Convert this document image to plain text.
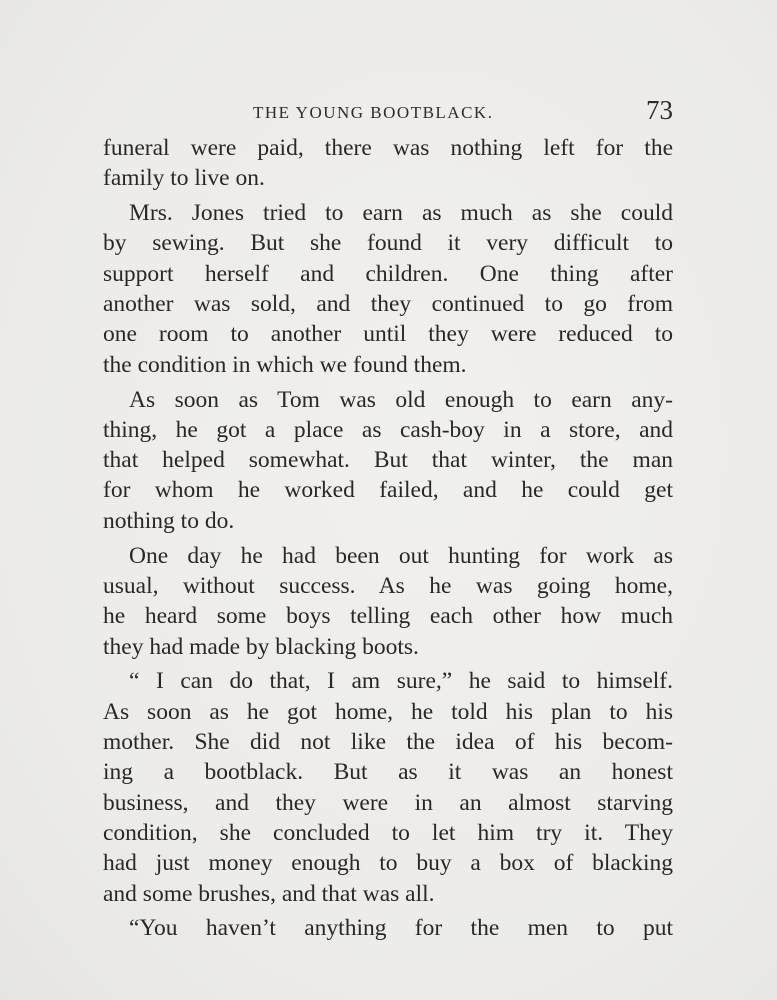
THE YOUNG BOOTBLACK.	73
funeral were paid, there was nothing left for the
family to live on.
Mrs. Jones tried to earn as much as she could
by sewing. But she found it very difficult to
support herself and children. One thing after
another was sold, and they continued to go from
one room to another until they were reduced to
the condition in which we found them.
As soon as Tom was old enough to earn any-
thing, he got a place as cash-boy in a store, and
that helped somewhat. But that winter, the man
for whom he worked failed, and he could get
nothing to do.
One day he had been out hunting for work as
usual, without success. As he was going home,
he heard some boys telling each other how much
they had made by blacking boots.
“ I can do that, I am sure,” he said to himself.
As soon as he got home, he told his plan to his
mother. She did not like the idea of his becom-
ing a bootblack. But as it was an honest
business, and they were in an almost starving
condition, she concluded to let him try it. They
had just money enough to buy a box of blacking
and some brushes, and that was all.
“You haven’t anything for the men to put
